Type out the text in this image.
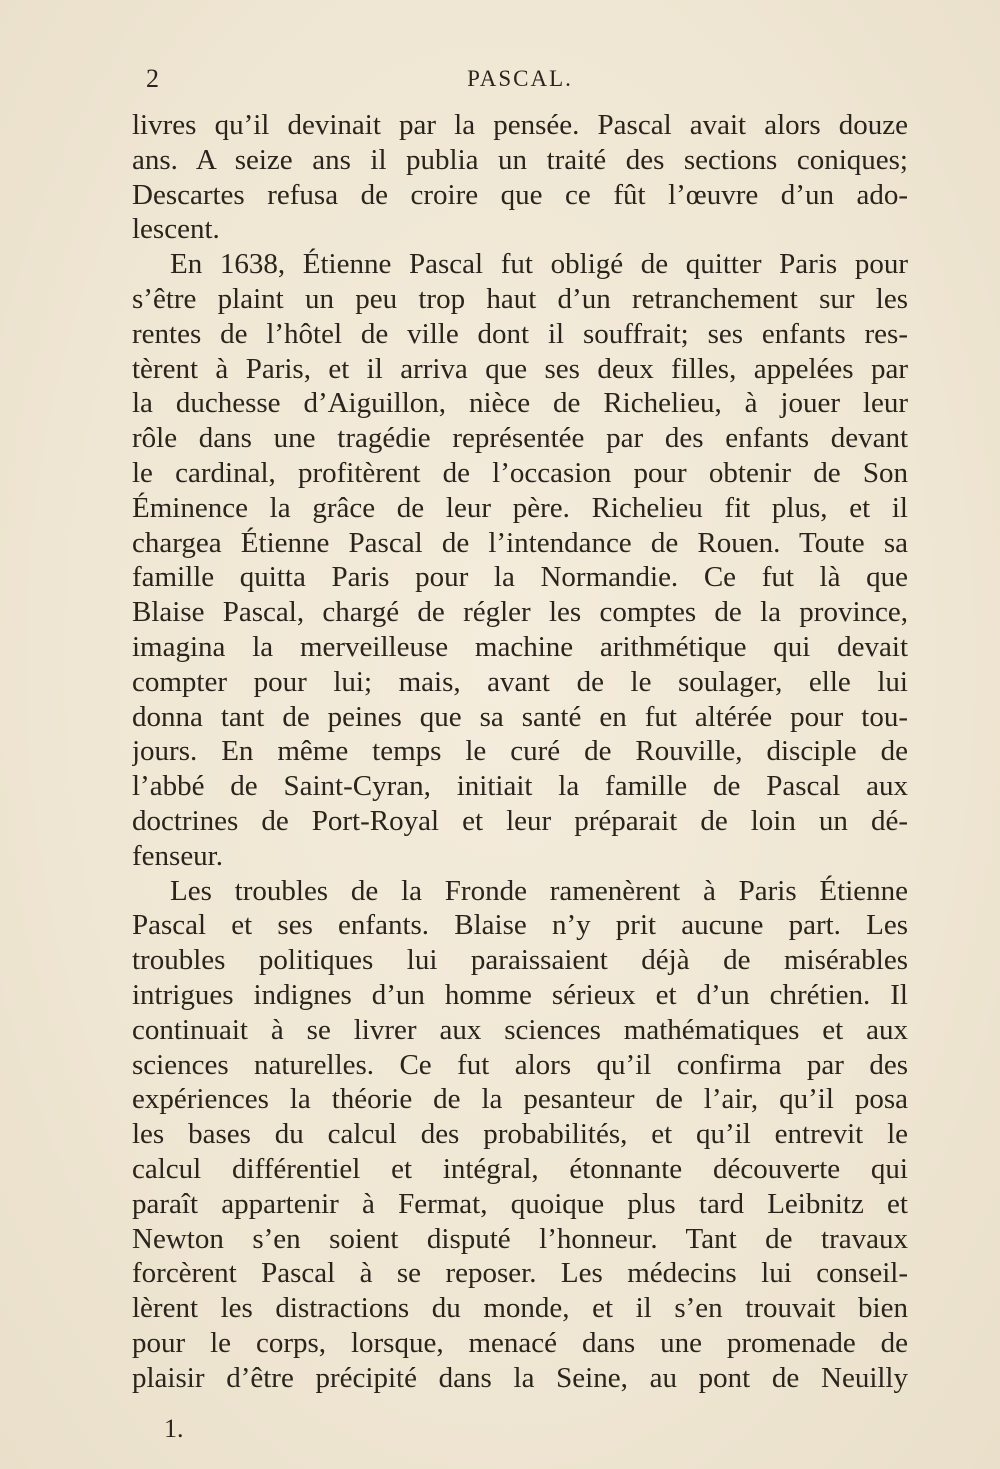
2	PASCAL.

livres qu’il devinait par la pensée. Pascal avait alors douze
ans. A seize ans il publia un traité des sections coniques;
Descartes refusa de croire que ce fût l’œuvre d’un ado-
lescent.

En 1638, Étienne Pascal fut obligé de quitter Paris pour
s’être plaint un peu trop haut d’un retranchement sur les
rentes de l’hôtel de ville dont il souffrait; ses enfants res-
tèrent à Paris, et il arriva que ses deux filles, appelées par
la duchesse d’Aiguillon, nièce de Richelieu, à jouer leur
rôle dans une tragédie représentée par des enfants devant
le cardinal, profitèrent de l’occasion pour obtenir de Son
Éminence la grâce de leur père. Richelieu fit plus, et il
chargea Étienne Pascal de l’intendance de Rouen. Toute sa
famille quitta Paris pour la Normandie. Ce fut là que
Blaise Pascal, chargé de régler les comptes de la province,
imagina la merveilleuse machine arithmétique qui devait
compter pour lui; mais, avant de le soulager, elle lui
donna tant de peines que sa santé en fut altérée pour tou-
jours. En même temps le curé de Rouville, disciple de
l’abbé de Saint-Cyran, initiait la famille de Pascal aux
doctrines de Port-Royal et leur préparait de loin un dé-
fenseur.

Les troubles de la Fronde ramenèrent à Paris Étienne
Pascal et ses enfants. Blaise n’y prit aucune part. Les
troubles politiques lui paraissaient déjà de misérables
intrigues indignes d’un homme sérieux et d’un chrétien. Il
continuait à se livrer aux sciences mathématiques et aux
sciences naturelles. Ce fut alors qu’il confirma par des
expériences la théorie de la pesanteur de l’air, qu’il posa
les bases du calcul des probabilités, et qu’il entrevit le
calcul différentiel et intégral, étonnante découverte qui
paraît appartenir à Fermat, quoique plus tard Leibnitz et
Newton s’en soient disputé l’honneur. Tant de travaux
forcèrent Pascal à se reposer. Les médecins lui conseil-
lèrent les distractions du monde, et il s’en trouvait bien
pour le corps, lorsque, menacé dans une promenade de
plaisir d’être précipité dans la Seine, au pont de Neuilly

1.
